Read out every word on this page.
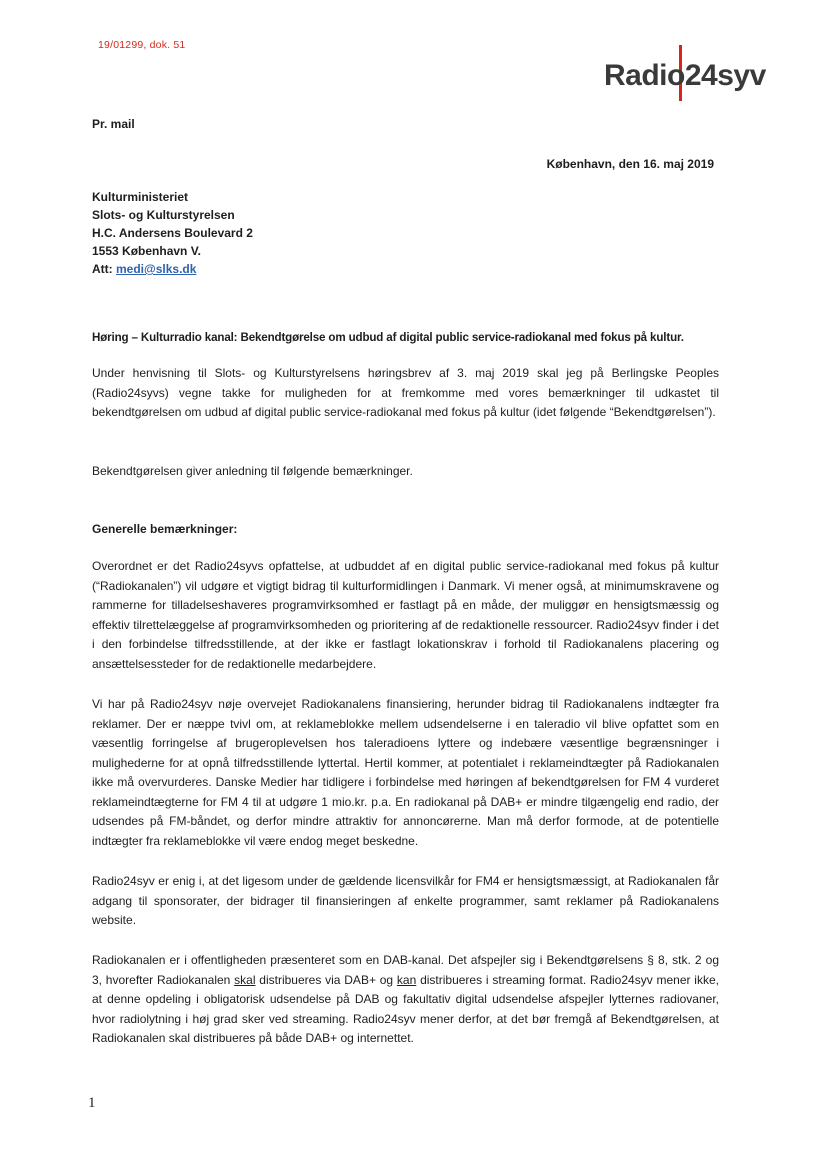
19/01299, dok. 51
Radio24syv
Pr. mail
København, den 16. maj 2019
Kulturministeriet
Slots- og Kulturstyrelsen
H.C. Andersens Boulevard 2
1553 København V.
Att: medi@slks.dk
Høring – Kulturradio kanal: Bekendtgørelse om udbud af digital public service-radiokanal med fokus på kultur.

Under henvisning til Slots- og Kulturstyrelsens høringsbrev af 3. maj 2019 skal jeg på Berlingske Peoples (Radio24syvs) vegne takke for muligheden for at fremkomme med vores bemærkninger til udkastet til bekendtgørelsen om udbud af digital public service-radiokanal med fokus på kultur (idet følgende “Bekendtgørelsen”).

Bekendtgørelsen giver anledning til følgende bemærkninger.

Generelle bemærkninger:

Overordnet er det Radio24syvs opfattelse, at udbuddet af en digital public service-radiokanal med fokus på kultur (“Radiokanalen”) vil udgøre et vigtigt bidrag til kulturformidlingen i Danmark. Vi mener også, at minimumskravene og rammerne for tilladelseshaveres programvirksomhed er fastlagt på en måde, der muliggør en hensigtsmæssig og effektiv tilrettelæggelse af programvirksomheden og prioritering af de redaktionelle ressourcer. Radio24syv finder i det i den forbindelse tilfredsstillende, at der ikke er fastlagt lokationskrav i forhold til Radiokanalens placering og ansættelsessteder for de redaktionelle medarbejdere.

Vi har på Radio24syv nøje overvejet Radiokanalens finansiering, herunder bidrag til Radiokanalens indtægter fra reklamer. Der er næppe tvivl om, at reklameblokke mellem udsendelserne i en taleradio vil blive opfattet som en væsentlig forringelse af brugeroplevelsen hos taleradioens lyttere og indebære væsentlige begrænsninger i mulighederne for at opnå tilfredsstillende lyttertal. Hertil kommer, at potentialet i reklameindtægter på Radiokanalen ikke må overvurderes. Danske Medier har tidligere i forbindelse med høringen af bekendtgørelsen for FM 4 vurderet reklameindtægterne for FM 4 til at udgøre 1 mio.kr. p.a. En radiokanal på DAB+ er mindre tilgængelig end radio, der udsendes på FM-båndet, og derfor mindre attraktiv for annoncørerne. Man må derfor formode, at de potentielle indtægter fra reklameblokke vil være endog meget beskedne.

Radio24syv er enig i, at det ligesom under de gældende licensvilkår for FM4 er hensigtsmæssigt, at Radiokanalen får adgang til sponsorater, der bidrager til finansieringen af enkelte programmer, samt reklamer på Radiokanalens website.

Radiokanalen er i offentligheden præsenteret som en DAB-kanal. Det afspejler sig i Bekendtgørelsens § 8, stk. 2 og 3, hvorefter Radiokanalen skal distribueres via DAB+ og kan distribueres i streaming format. Radio24syv mener ikke, at denne opdeling i obligatorisk udsendelse på DAB og fakultativ digital udsendelse afspejler lytternes radiovaner, hvor radiolytning i høj grad sker ved streaming. Radio24syv mener derfor, at det bør fremgå af Bekendtgørelsen, at Radiokanalen skal distribueres på både DAB+ og internettet.

1
